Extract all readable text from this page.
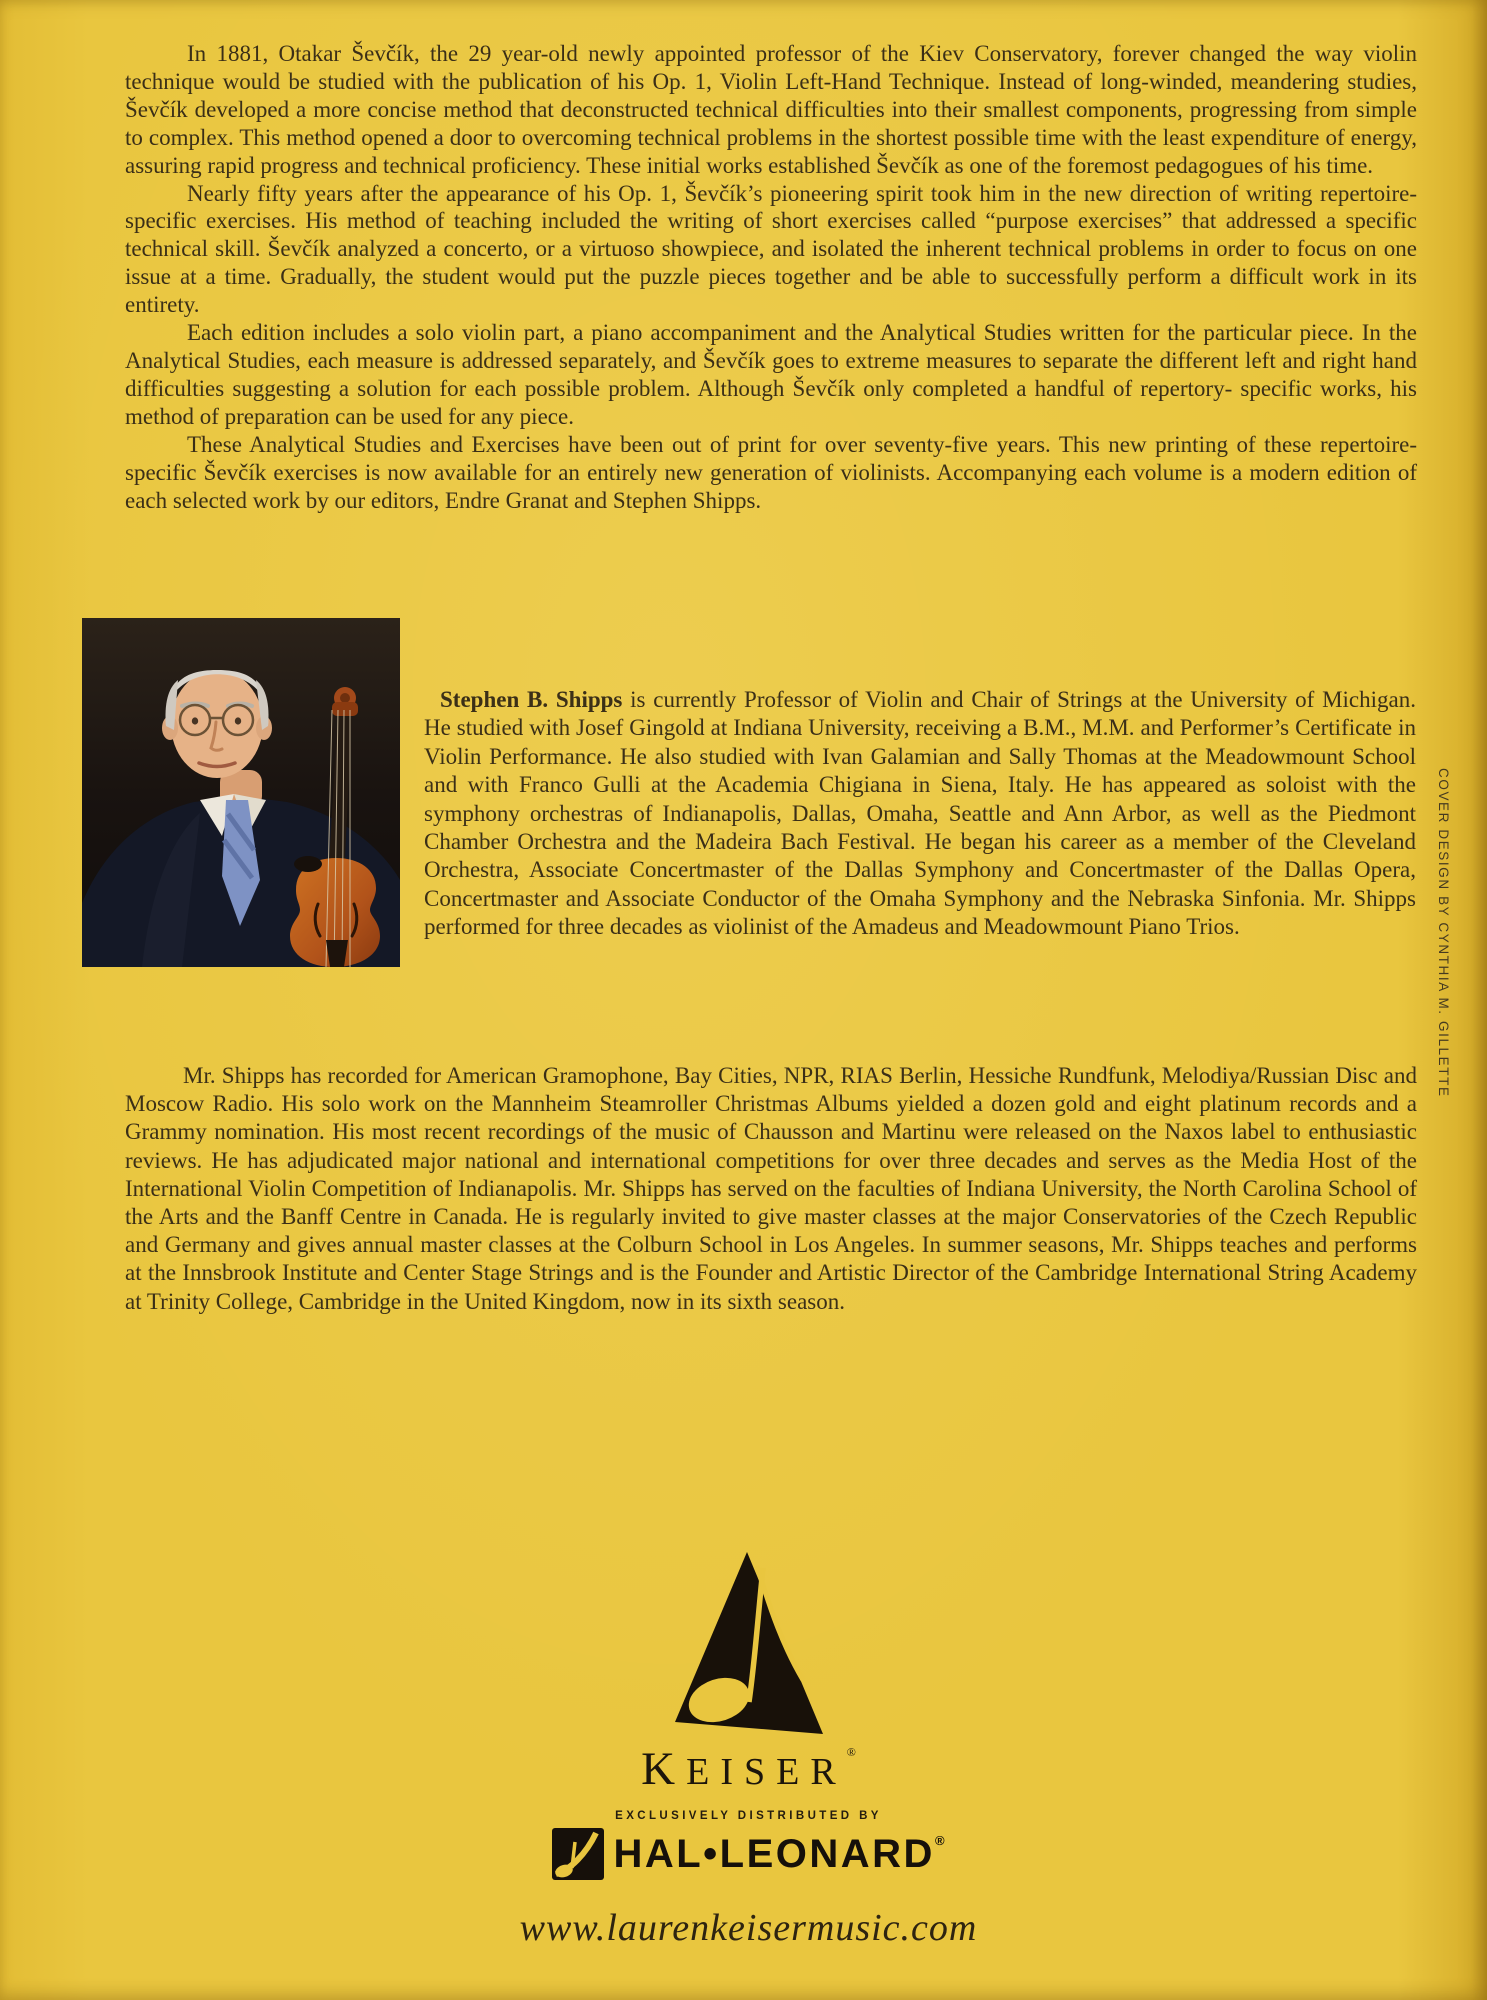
In 1881, Otakar Ševčík, the 29 year-old newly appointed professor of the Kiev Conservatory, forever changed the way violin technique would be studied with the publication of his Op. 1, Violin Left-Hand Technique. Instead of long-winded, meandering studies, Ševčík developed a more concise method that deconstructed technical difficulties into their smallest components, progressing from simple to complex. This method opened a door to overcoming technical problems in the shortest possible time with the least expenditure of energy, assuring rapid progress and technical proficiency. These initial works established Ševčík as one of the foremost pedagogues of his time.

Nearly fifty years after the appearance of his Op. 1, Ševčík’s pioneering spirit took him in the new direction of writing repertoire-specific exercises. His method of teaching included the writing of short exercises called “purpose exercises” that addressed a specific technical skill. Ševčík analyzed a concerto, or a virtuoso showpiece, and isolated the inherent technical problems in order to focus on one issue at a time. Gradually, the student would put the puzzle pieces together and be able to successfully perform a difficult work in its entirety.

Each edition includes a solo violin part, a piano accompaniment and the Analytical Studies written for the particular piece. In the Analytical Studies, each measure is addressed separately, and Ševčík goes to extreme measures to separate the different left and right hand difficulties suggesting a solution for each possible problem. Although Ševčík only completed a handful of repertory- specific works, his method of preparation can be used for any piece.

These Analytical Studies and Exercises have been out of print for over seventy-five years. This new printing of these repertoire-specific Ševčík exercises is now available for an entirely new generation of violinists. Accompanying each volume is a modern edition of each selected work by our editors, Endre Granat and Stephen Shipps.

Stephen B. Shipps is currently Professor of Violin and Chair of Strings at the University of Michigan. He studied with Josef Gingold at Indiana University, receiving a B.M., M.M. and Performer’s Certificate in Violin Performance. He also studied with Ivan Galamian and Sally Thomas at the Meadowmount School and with Franco Gulli at the Academia Chigiana in Siena, Italy. He has appeared as soloist with the symphony orchestras of Indianapolis, Dallas, Omaha, Seattle and Ann Arbor, as well as the Piedmont Chamber Orchestra and the Madeira Bach Festival. He began his career as a member of the Cleveland Orchestra, Associate Concertmaster of the Dallas Symphony and Concertmaster of the Dallas Opera, Concertmaster and Associate Conductor of the Omaha Symphony and the Nebraska Sinfonia. Mr. Shipps performed for three decades as violinist of the Amadeus and Meadowmount Piano Trios.
Mr. Shipps has recorded for American Gramophone, Bay Cities, NPR, RIAS Berlin, Hessiche Rundfunk, Melodiya/Russian Disc and Moscow Radio. His solo work on the Mannheim Steamroller Christmas Albums yielded a dozen gold and eight platinum records and a Grammy nomination. His most recent recordings of the music of Chausson and Martinu were released on the Naxos label to enthusiastic reviews. He has adjudicated major national and international competitions for over three decades and serves as the Media Host of the International Violin Competition of Indianapolis. Mr. Shipps has served on the faculties of Indiana University, the North Carolina School of the Arts and the Banff Centre in Canada. He is regularly invited to give master classes at the major Conservatories of the Czech Republic and Germany and gives annual master classes at the Colburn School in Los Angeles. In summer seasons, Mr. Shipps teaches and performs at the Innsbrook Institute and Center Stage Strings and is the Founder and Artistic Director of the Cambridge International String Academy at Trinity College, Cambridge in the United Kingdom, now in its sixth season.
COVER DESIGN BY CYNTHIA M. GILLETTE
KEISER®
EXCLUSIVELY DISTRIBUTED BY
HAL•LEONARD®
www.laurenkeisermusic.com
